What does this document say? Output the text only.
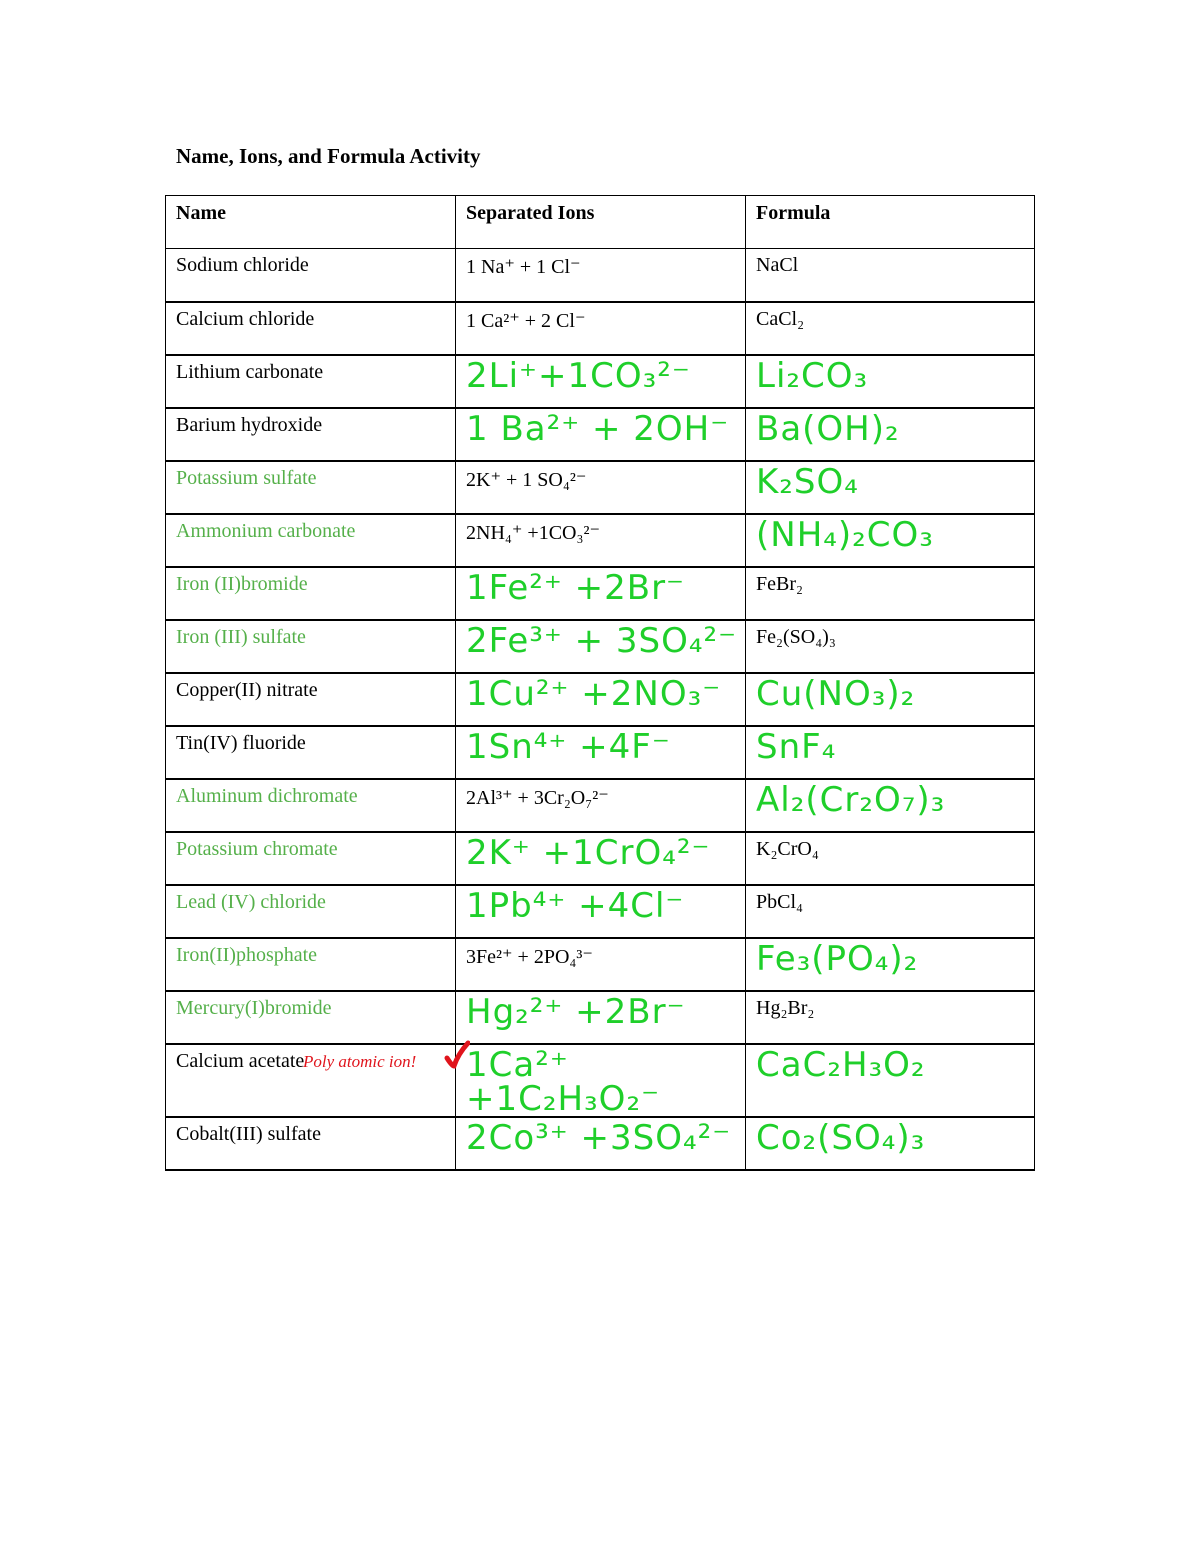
Name, Ions, and Formula Activity
Name	Separated Ions	Formula
Sodium chloride	1 Na⁺ + 1 Cl⁻	NaCl
Calcium chloride	1 Ca²⁺ + 2 Cl⁻	CaCl₂
Lithium carbonate	2Li⁺+1CO₃²⁻	Li₂CO₃
Barium hydroxide	1 Ba²⁺ + 2OH⁻	Ba(OH)₂
Potassium sulfate	2K⁺ + 1 SO₄²⁻	K₂SO₄
Ammonium carbonate	2NH₄⁺ +1CO₃²⁻	(NH₄)₂CO₃
Iron (II)bromide	1Fe²⁺ +2Br⁻	FeBr₂
Iron (III) sulfate	2Fe³⁺ + 3SO₄²⁻	Fe₂(SO₄)₃
Copper(II) nitrate	1Cu²⁺ +2NO₃⁻	Cu(NO₃)₂
Tin(IV) fluoride	1Sn⁴⁺ +4F⁻	SnF₄
Aluminum dichromate	2Al³⁺ + 3Cr₂O₇²⁻	Al₂(Cr₂O₇)₃
Potassium chromate	2K⁺ +1CrO₄²⁻	K₂CrO₄
Lead (IV) chloride	1Pb⁴⁺ +4Cl⁻	PbCl₄
Iron(II)phosphate	3Fe²⁺ + 2PO₄³⁻	Fe₃(PO₄)₂
Mercury(I)bromide	Hg₂²⁺ +2Br⁻	Hg₂Br₂
Calcium acetate	1Ca²⁺ +1C₂H₃O₂⁻	CaC₂H₃O₂
Cobalt(III) sulfate	2Co³⁺ +3SO₄²⁻	Co₂(SO₄)₃
Poly atomic ion!
